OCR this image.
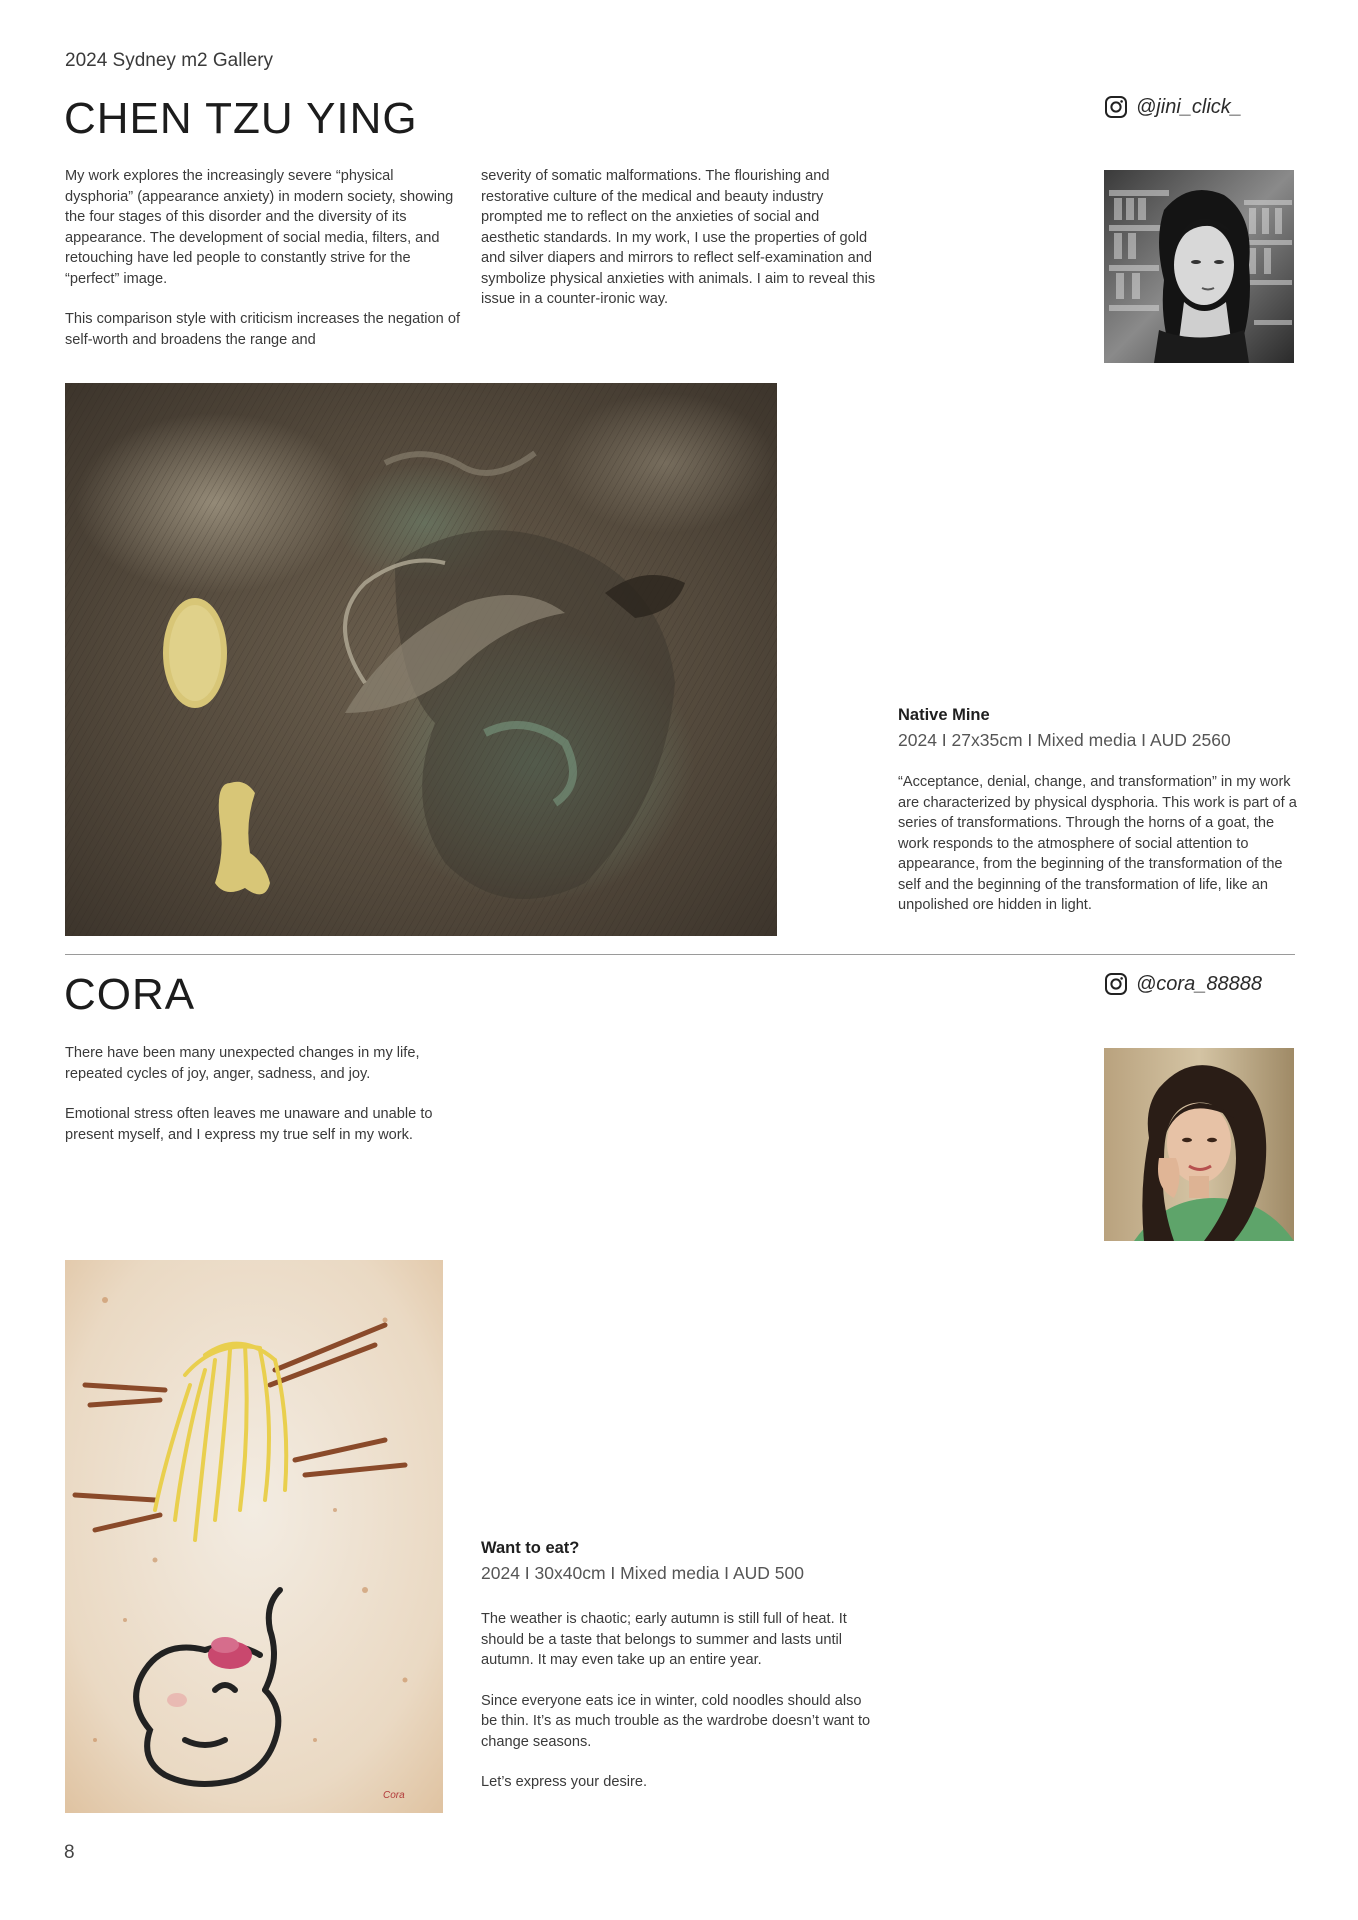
2024 Sydney m2 Gallery
CHEN TZU YING	@jini_click_

My work explores the increasingly severe “physical dysphoria” (appearance anxiety) in modern society, showing the four stages of this disorder and the diversity of its appearance. The development of social media, filters, and retouching have led people to constantly strive for the “perfect” image.

This comparison style with criticism increases the negation of self-worth and broadens the range and

severity of somatic malformations. The flourishing and restorative culture of the medical and beauty industry prompted me to reflect on the anxieties of social and aesthetic standards. In my work, I use the properties of gold and silver diapers and mirrors to reflect self-examination and symbolize physical anxieties with animals. I aim to reveal this issue in a counter-ironic way.

Native Mine
2024 I 27x35cm I Mixed media I AUD 2560

“Acceptance, denial, change, and transformation” in my work are characterized by physical dysphoria. This work is part of a series of transformations. Through the horns of a goat, the work responds to the atmosphere of social attention to appearance, from the beginning of the transformation of the self and the beginning of the transformation of life, like an unpolished ore hidden in light.

CORA	@cora_88888

There have been many unexpected changes in my life, repeated cycles of joy, anger, sadness, and joy.

Emotional stress often leaves me unaware and unable to present myself, and I express my true self in my work.

Cora
Want to eat?
2024 I 30x40cm I Mixed media I AUD 500

The weather is chaotic; early autumn is still full of heat. It should be a taste that belongs to summer and lasts until autumn. It may even take up an entire year.

Since everyone eats ice in winter, cold noodles should also be thin. It’s as much trouble as the wardrobe doesn’t want to change seasons.

Let’s express your desire.

8
